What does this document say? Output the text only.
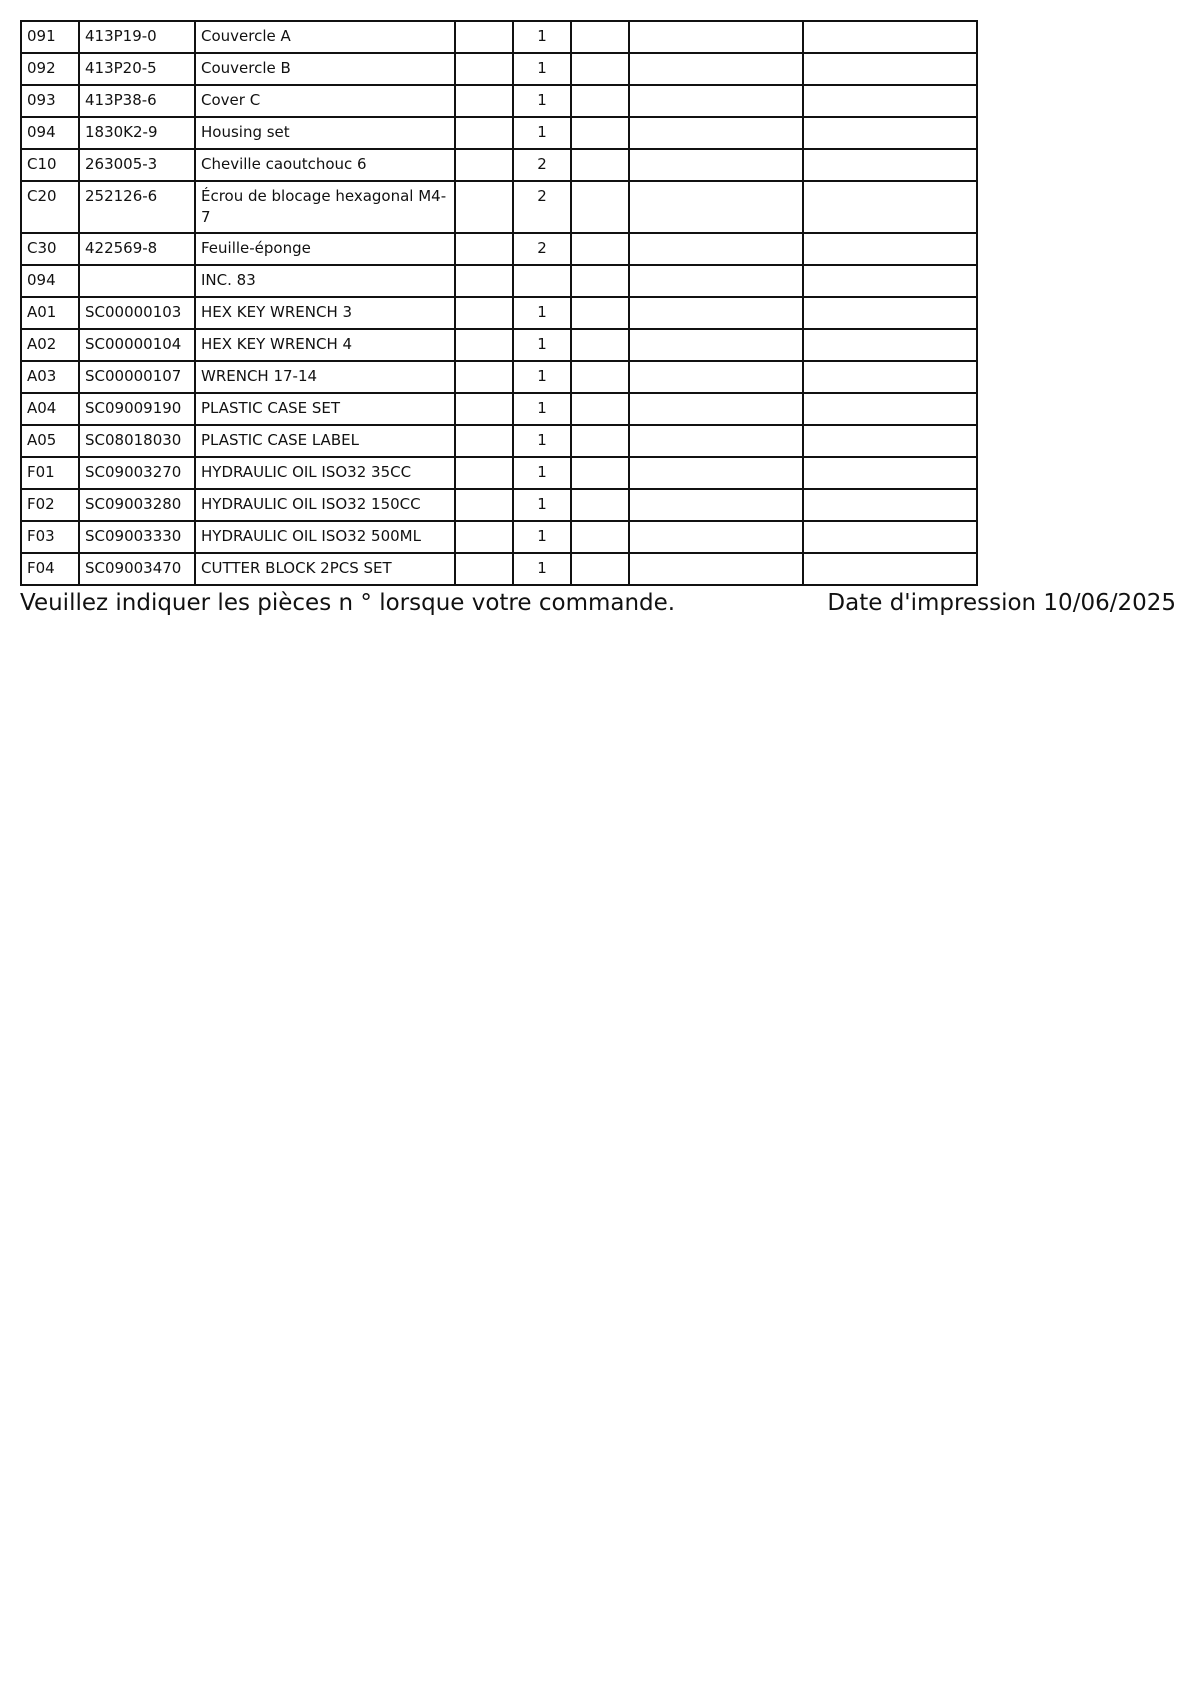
091	413P19-0	Couvercle A		1			
092	413P20-5	Couvercle B		1			
093	413P38-6	Cover C		1			
094	1830K2-9	Housing set		1			
C10	263005-3	Cheville caoutchouc 6		2			
C20	252126-6	Écrou de blocage hexagonal M4-7		2			
C30	422569-8	Feuille-éponge		2			
094		INC. 83					
A01	SC00000103	HEX KEY WRENCH 3		1			
A02	SC00000104	HEX KEY WRENCH 4		1			
A03	SC00000107	WRENCH 17-14		1			
A04	SC09009190	PLASTIC CASE SET		1			
A05	SC08018030	PLASTIC CASE LABEL		1			
F01	SC09003270	HYDRAULIC OIL ISO32 35CC		1			
F02	SC09003280	HYDRAULIC OIL ISO32 150CC		1			
F03	SC09003330	HYDRAULIC OIL ISO32 500ML		1			
F04	SC09003470	CUTTER BLOCK 2PCS SET		1			
Veuillez indiquer les pièces n ° lorsque votre commande.	Date d'impression 10/06/2025
